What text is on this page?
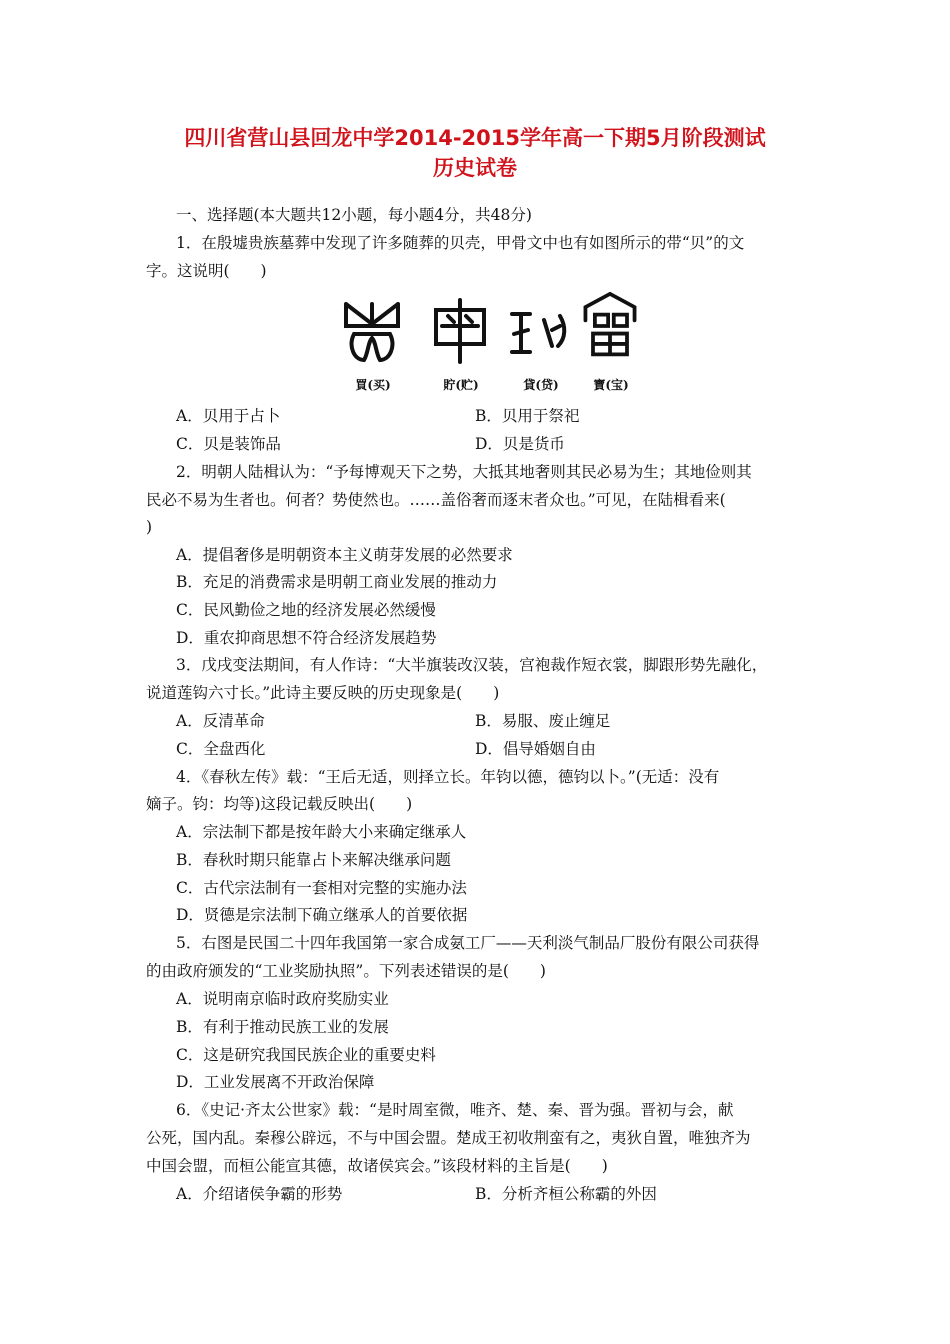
四川省营山县回龙中学2014-2015学年高一下期5月阶段测试
历史试卷
一、选择题(本大题共12小题，每小题4分，共48分)
1．在殷墟贵族墓葬中发现了许多随葬的贝壳，甲骨文中也有如图所示的带“贝”的文
字。这说明(　　)
買(买)	貯(贮)	貸(贷)	寶(宝)
A．贝用于占卜	B．贝用于祭祀
C．贝是装饰品	D．贝是货币
2．明朝人陆楫认为：“予每博观天下之势，大抵其地奢则其民必易为生；其地俭则其
民必不易为生者也。何者？势使然也。……盖俗奢而逐末者众也。”可见，在陆楫看来(
)
A．提倡奢侈是明朝资本主义萌芽发展的必然要求
B．充足的消费需求是明朝工商业发展的推动力
C．民风勤俭之地的经济发展必然缓慢
D．重农抑商思想不符合经济发展趋势
3．戊戌变法期间，有人作诗：“大半旗装改汉装，宫袍裁作短衣裳，脚跟形势先融化，
说道莲钩六寸长。”此诗主要反映的历史现象是(　　)
A．反清革命	B．易服、废止缠足
C．全盘西化	D．倡导婚姻自由
4．《春秋左传》载：“王后无适，则择立长。年钧以德，德钧以卜。”(无适：没有
嫡子。钧：均等)这段记载反映出(　　)
A．宗法制下都是按年龄大小来确定继承人
B．春秋时期只能靠占卜来解决继承问题
C．古代宗法制有一套相对完整的实施办法
D．贤德是宗法制下确立继承人的首要依据
5．右图是民国二十四年我国第一家合成氨工厂——天利淡气制品厂股份有限公司获得
的由政府颁发的“工业奖励执照”。下列表述错误的是(　　)
A．说明南京临时政府奖励实业
B．有利于推动民族工业的发展
C．这是研究我国民族企业的重要史料
D．工业发展离不开政治保障
6．《史记·齐太公世家》载：“是时周室微，唯齐、楚、秦、晋为强。晋初与会，献
公死，国内乱。秦穆公辟远，不与中国会盟。楚成王初收荆蛮有之，夷狄自置，唯独齐为
中国会盟，而桓公能宣其德，故诸侯宾会。”该段材料的主旨是(　　)
A．介绍诸侯争霸的形势	B．分析齐桓公称霸的外因
